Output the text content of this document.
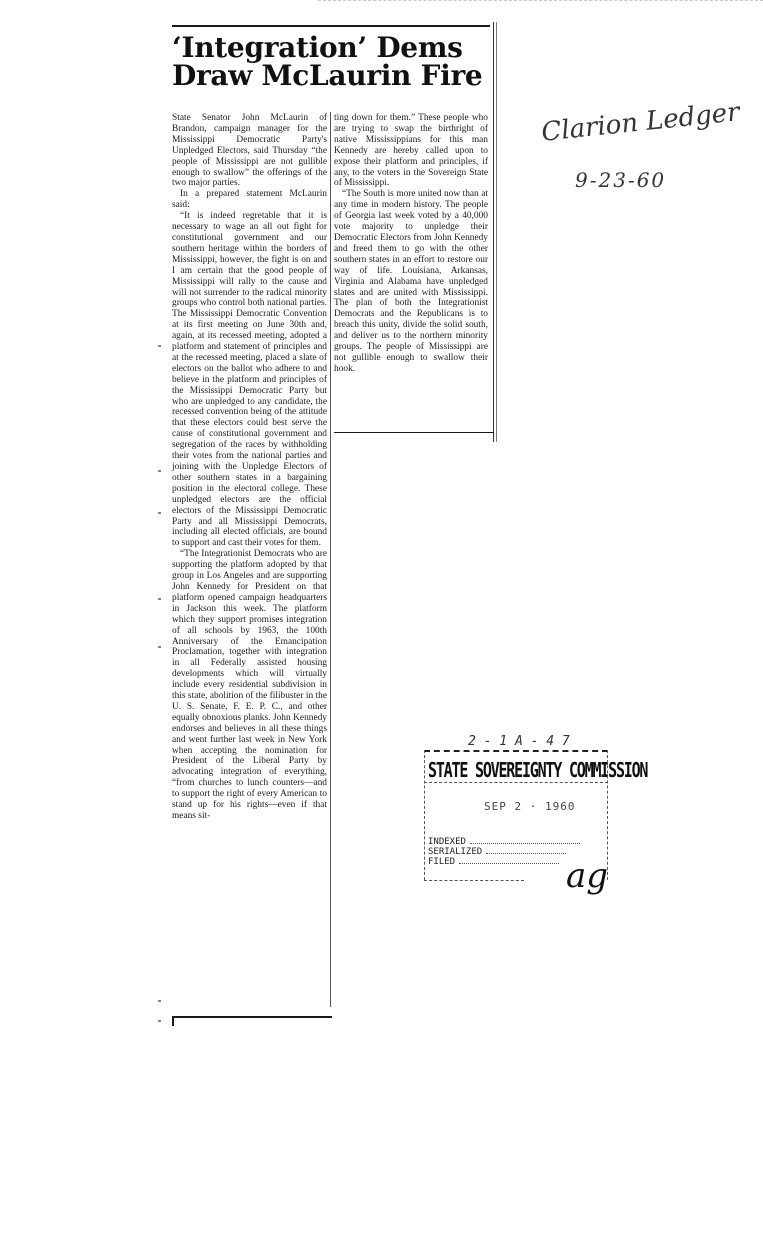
‘Integration’ Dems
Draw McLaurin Fire

State Senator John McLaurin of Brandon, campaign manager for the Mississippi Democratic Party's Unpledged Electors, said Thursday “the people of Mississippi are not gullible enough to swallow” the offerings of the two major parties.

In a prepared statement McLaurin said:

“It is indeed regretable that it is necessary to wage an all out fight for constitutional government and our southern heritage within the borders of Mississippi, however, the fight is on and I am certain that the good people of Mississippi will rally to the cause and will not surrender to the radical minority groups who control both national parties. The Mississippi Democratic Convention at its first meeting on June 30th and, again, at its recessed meeting, adopted a platform and statement of principles and at the recessed meeting, placed a slate of electors on the ballot who adhere to and believe in the platform and principles of the Mississippi Democratic Party but who are unpledged to any candidate, the recessed convention being of the attitude that these electors could best serve the cause of constitutional government and segregation of the races by withholding their votes from the national parties and joining with the Unpledge Electors of other southern states in a bargaining position in the electoral college. These unpledged electors are the official electors of the Mississippi Democratic Party and all Mississippi Democrats, including all elected officials, are bound to support and cast their votes for them.

“The Integrationist Democrats who are supporting the platform adopted by that group in Los Angeles and are supporting John Kennedy for President on that platform opened campaign headquarters in Jackson this week. The platform which they support promises integration of all schools by 1963, the 100th Anniversary of the Emancipation Proclamation, together with integration in all Federally assisted housing developments which will virtually include every residential subdivision in this state, abolition of the filibuster in the U. S. Senate, F. E. P. C., and other equally obnoxious planks. John Kennedy endorses and believes in all these things and went further last week in New York when accepting the nomination for President of the Liberal Party by advocating integration of everything, “from churches to lunch counters—and to support the right of every American to stand up for his rights—even if that means sit-

ting down for them.” These people who are trying to swap the birthright of native Mississippians for this man Kennedy are hereby called upon to expose their platform and principles, if any, to the voters in the Sovereign State of Mississippi.

“The South is more united now than at any time in modern history. The people of Georgia last week voted by a 40,000 vote majority to unpledge their Democratic Electors from John Kennedy and freed them to go with the other southern states in an effort to restore our way of life. Louisiana, Arkansas, Virginia and Alabama have unpledged slates and are united with Mississippi. The plan of both the Integrationist Democrats and the Republicans is to breach this unity, divide the solid south, and deliver us to the northern minority groups. The people of Mississippi are not gullible enough to swallow their hook.

Clarion Ledger
9-23-60
2 - 1 A - 4 7
STATE SOVEREIGNTY COMMISSION
SEP 2 · 1960
INDEXED
SERIALIZED
FILED	ag
